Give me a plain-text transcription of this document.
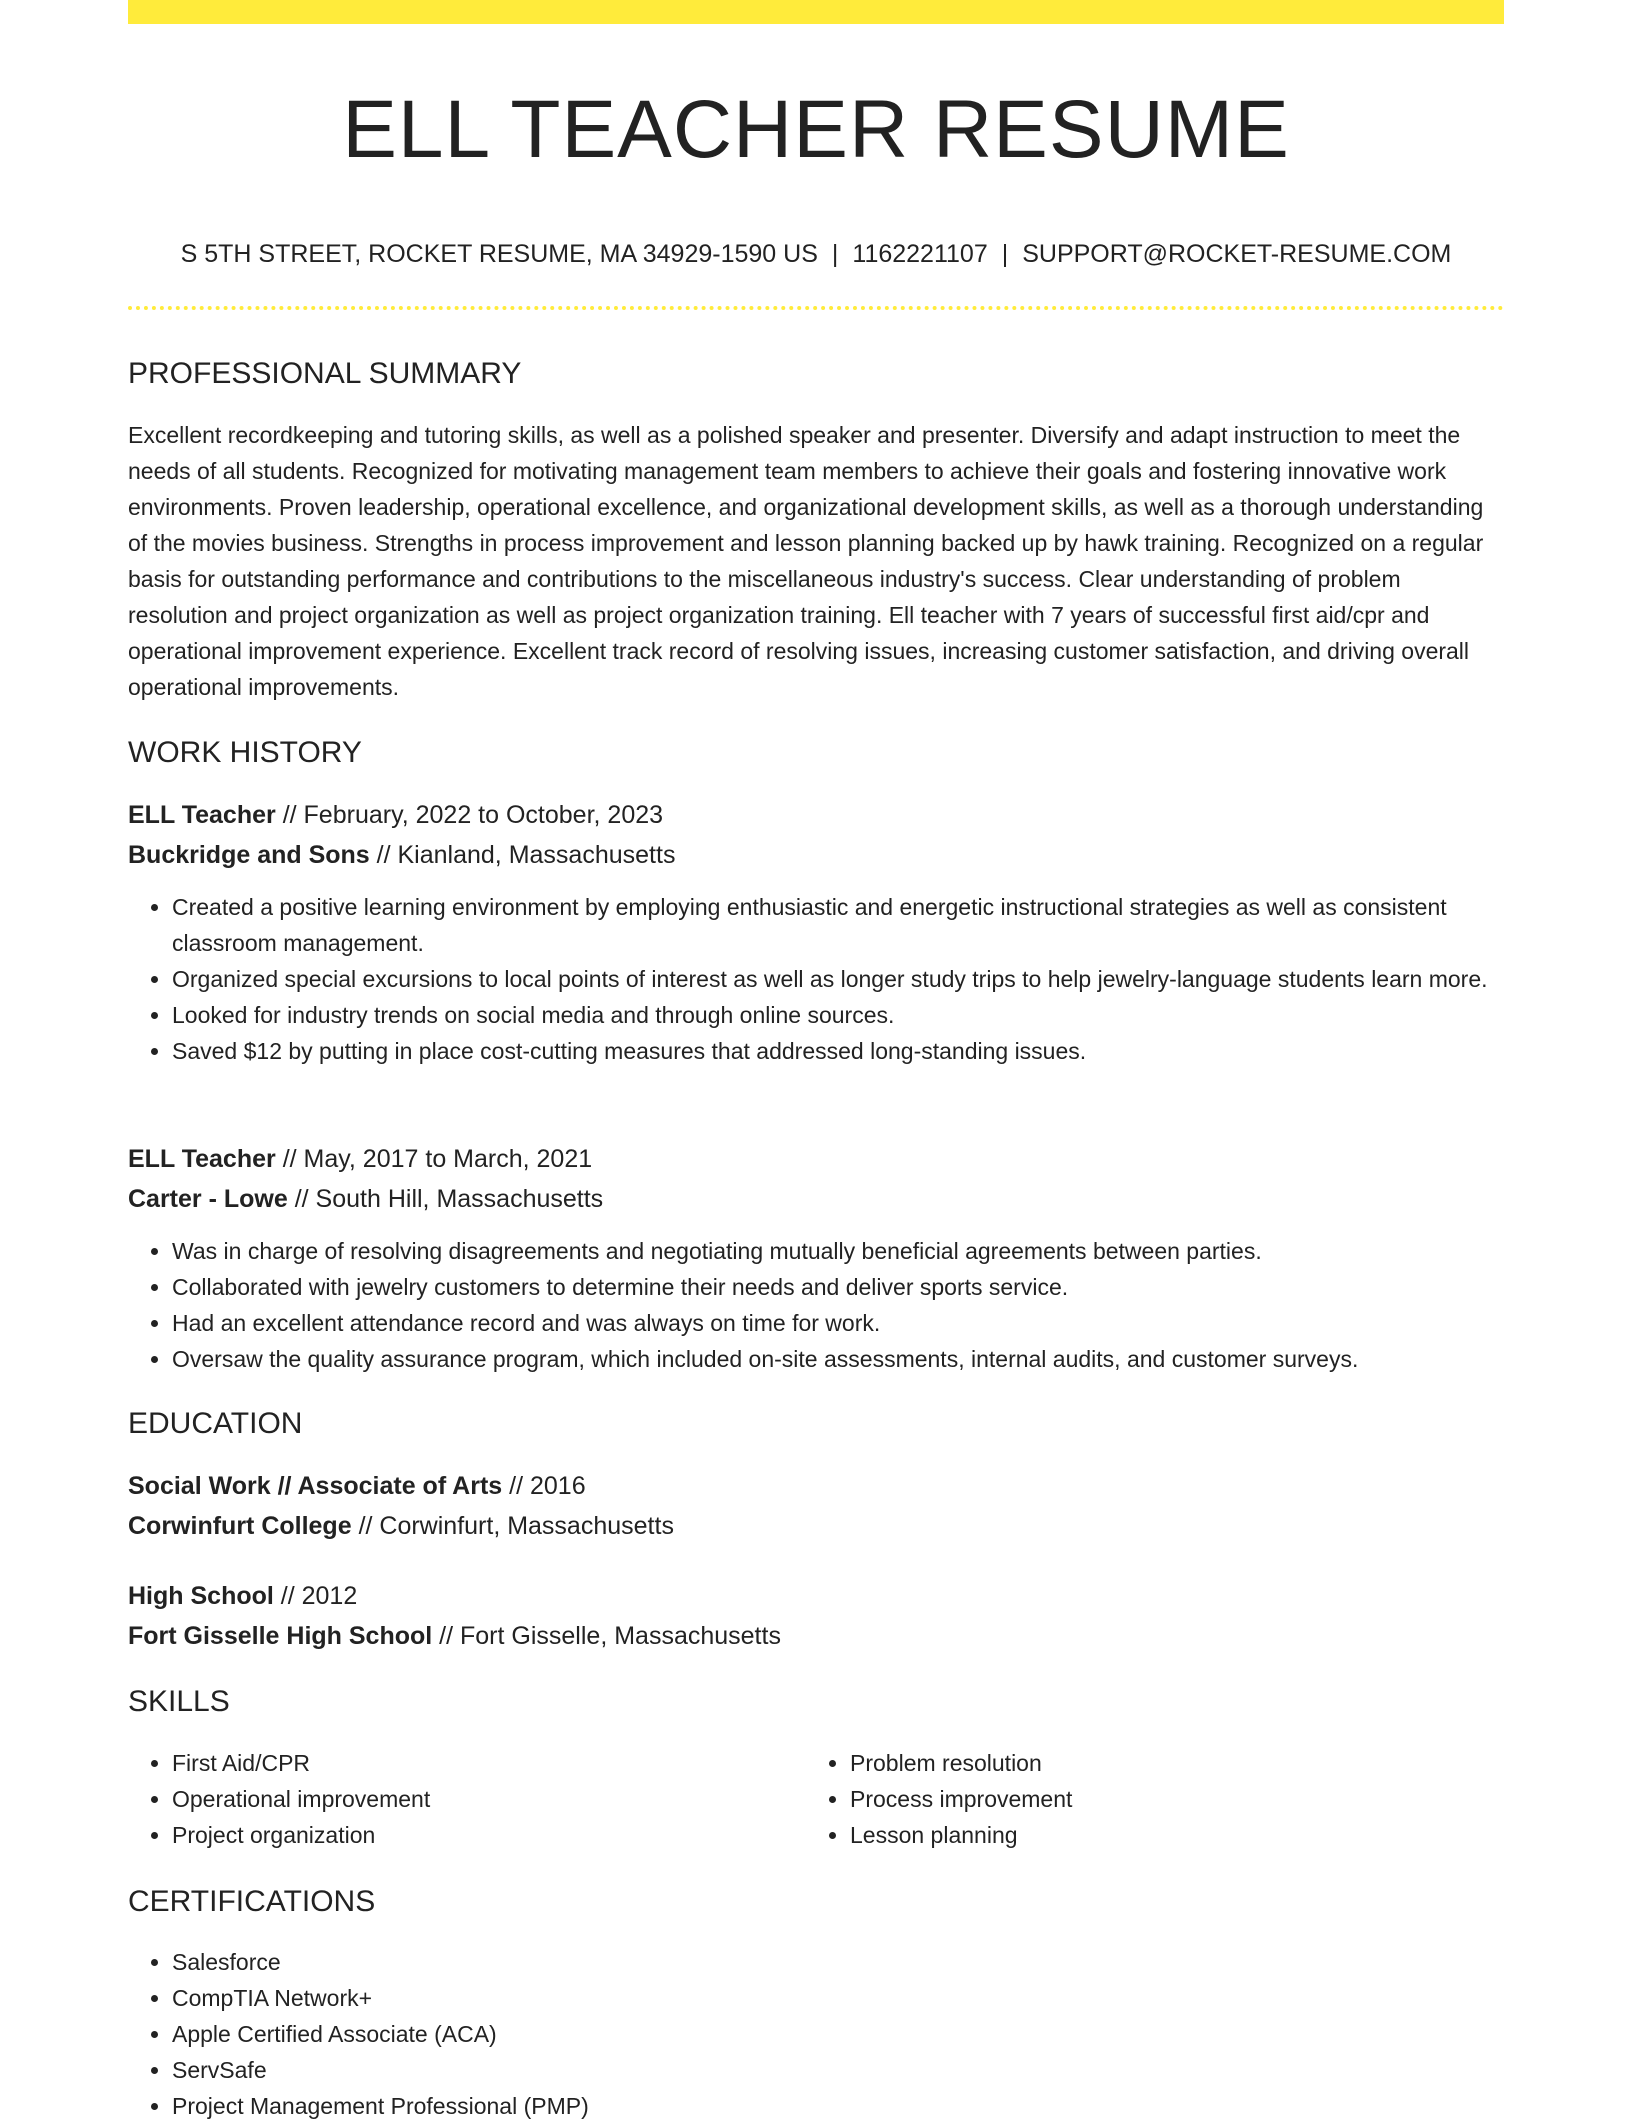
ELL TEACHER RESUME
S 5TH STREET, ROCKET RESUME, MA 34929-1590 US | 1162221107 | SUPPORT@ROCKET-RESUME.COM
PROFESSIONAL SUMMARY
Excellent recordkeeping and tutoring skills, as well as a polished speaker and presenter. Diversify and adapt instruction to meet the needs of all students. Recognized for motivating management team members to achieve their goals and fostering innovative work environments. Proven leadership, operational excellence, and organizational development skills, as well as a thorough understanding of the movies business. Strengths in process improvement and lesson planning backed up by hawk training. Recognized on a regular basis for outstanding performance and contributions to the miscellaneous industry's success. Clear understanding of problem resolution and project organization as well as project organization training. Ell teacher with 7 years of successful first aid/cpr and operational improvement experience. Excellent track record of resolving issues, increasing customer satisfaction, and driving overall operational improvements.
WORK HISTORY
ELL Teacher // February, 2022 to October, 2023
Buckridge and Sons // Kianland, Massachusetts
• Created a positive learning environment by employing enthusiastic and energetic instructional strategies as well as consistent classroom management.
• Organized special excursions to local points of interest as well as longer study trips to help jewelry-language students learn more.
• Looked for industry trends on social media and through online sources.
• Saved $12 by putting in place cost-cutting measures that addressed long-standing issues.
ELL Teacher // May, 2017 to March, 2021
Carter - Lowe // South Hill, Massachusetts
• Was in charge of resolving disagreements and negotiating mutually beneficial agreements between parties.
• Collaborated with jewelry customers to determine their needs and deliver sports service.
• Had an excellent attendance record and was always on time for work.
• Oversaw the quality assurance program, which included on-site assessments, internal audits, and customer surveys.
EDUCATION
Social Work // Associate of Arts // 2016
Corwinfurt College // Corwinfurt, Massachusetts
High School // 2012
Fort Gisselle High School // Fort Gisselle, Massachusetts
SKILLS
• First Aid/CPR
• Operational improvement
• Project organization
• Problem resolution
• Process improvement
• Lesson planning
CERTIFICATIONS
• Salesforce
• CompTIA Network+
• Apple Certified Associate (ACA)
• ServSafe
• Project Management Professional (PMP)
